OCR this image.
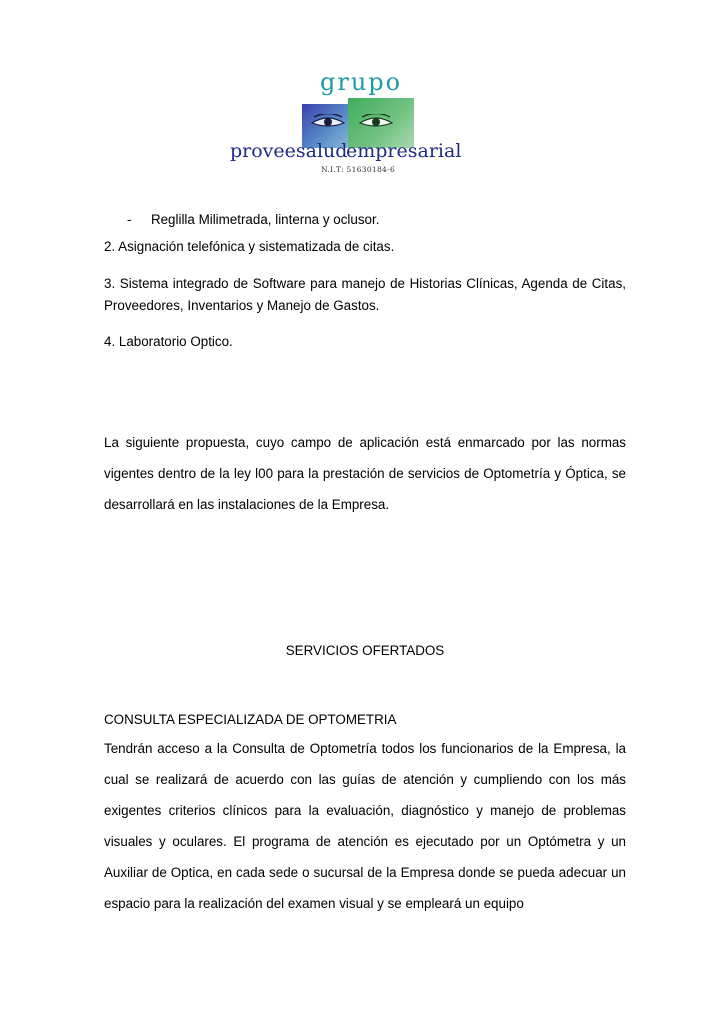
grupo
proveesalud
empresarial
N.I.T: 51630184-6
- Reglilla Milimetrada, linterna y oclusor.
2. Asignación telefónica y sistematizada de citas.
3. Sistema integrado de Software para manejo de Historias Clínicas, Agenda de Citas, Proveedores, Inventarios y Manejo de Gastos.
4. Laboratorio Optico.
La siguiente propuesta, cuyo campo de aplicación está enmarcado por las normas vigentes dentro de la ley l00 para la prestación de servicios de Optometría y Óptica, se desarrollará en las instalaciones de la Empresa.
SERVICIOS OFERTADOS
CONSULTA ESPECIALIZADA DE OPTOMETRIA
Tendrán acceso a la Consulta de Optometría todos los funcionarios de la Empresa, la cual se realizará de acuerdo con las guías de atención y cumpliendo con los más exigentes criterios clínicos para la evaluación, diagnóstico y manejo de problemas visuales y oculares. El programa de atención es ejecutado por un Optómetra y un Auxiliar de Optica, en cada sede o sucursal de la Empresa donde se pueda adecuar un espacio para la realización del examen visual y se empleará un equipo
